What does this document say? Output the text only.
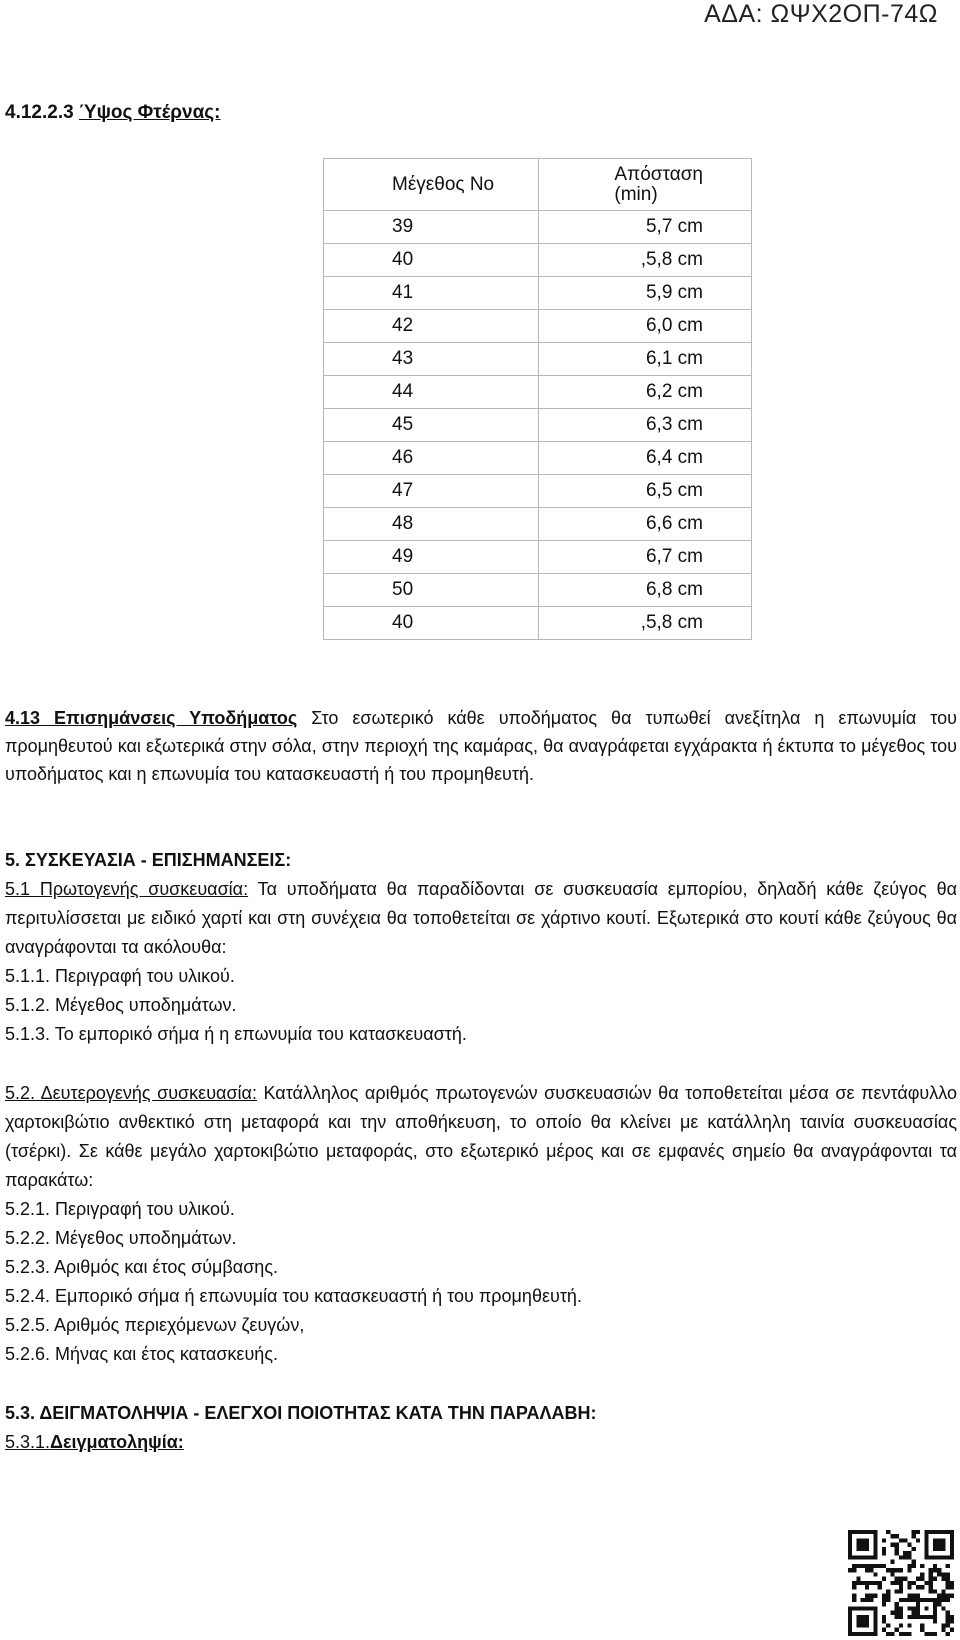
ΑΔΑ: ΩΨΧ2ΟΠ-74Ω
4.12.2.3 Ύψος Φτέρνας:
Μέγεθος Νο	Απόσταση
(min)
39	5,7 cm
40	,5,8 cm
41	5,9 cm
42	6,0 cm
43	6,1 cm
44	6,2 cm
45	6,3 cm
46	6,4 cm
47	6,5 cm
48	6,6 cm
49	6,7 cm
50	6,8 cm
40	,5,8 cm
4.13 Επισημάνσεις Υποδήματος Στο εσωτερικό κάθε υποδήματος θα τυπωθεί ανεξίτηλα η επωνυμία του προμηθευτού και εξωτερικά στην σόλα, στην περιοχή της καμάρας, θα αναγράφεται εγχάρακτα ή έκτυπα το μέγεθος του υποδήματος και η επωνυμία του κατασκευαστή ή του προμηθευτή.
5. ΣΥΣΚΕΥΑΣΙΑ - ΕΠΙΣΗΜΑΝΣΕΙΣ:
5.1 Πρωτογενής συσκευασία: Τα υποδήματα θα παραδίδονται σε συσκευασία εμπορίου, δηλαδή κάθε ζεύγος θα περιτυλίσσεται με ειδικό χαρτί και στη συνέχεια θα τοποθετείται σε χάρτινο κουτί. Εξωτερικά στο κουτί κάθε ζεύγους θα αναγράφονται τα ακόλουθα:
5.1.1. Περιγραφή του υλικού.
5.1.2. Μέγεθος υποδημάτων.
5.1.3. Το εμπορικό σήμα ή η επωνυμία του κατασκευαστή.
5.2. Δευτερογενής συσκευασία: Κατάλληλος αριθμός πρωτογενών συσκευασιών θα τοποθετείται μέσα σε πεντάφυλλο χαρτοκιβώτιο ανθεκτικό στη μεταφορά και την αποθήκευση, το οποίο θα κλείνει με κατάλληλη ταινία συσκευασίας (τσέρκι). Σε κάθε μεγάλο χαρτοκιβώτιο μεταφοράς, στο εξωτερικό μέρος και σε εμφανές σημείο θα αναγράφονται τα παρακάτω:
5.2.1. Περιγραφή του υλικού.
5.2.2. Μέγεθος υποδημάτων.
5.2.3. Αριθμός και έτος σύμβασης.
5.2.4. Εμπορικό σήμα ή επωνυμία του κατασκευαστή ή του προμηθευτή.
5.2.5. Αριθμός περιεχόμενων ζευγών,
5.2.6. Μήνας και έτος κατασκευής.
5.3. ΔΕΙΓΜΑΤΟΛΗΨΙΑ - ΕΛΕΓΧΟΙ ΠΟΙΟΤΗΤΑΣ ΚΑΤΑ ΤΗΝ ΠΑΡΑΛΑΒΗ:
5.3.1.Δειγματοληψία:
